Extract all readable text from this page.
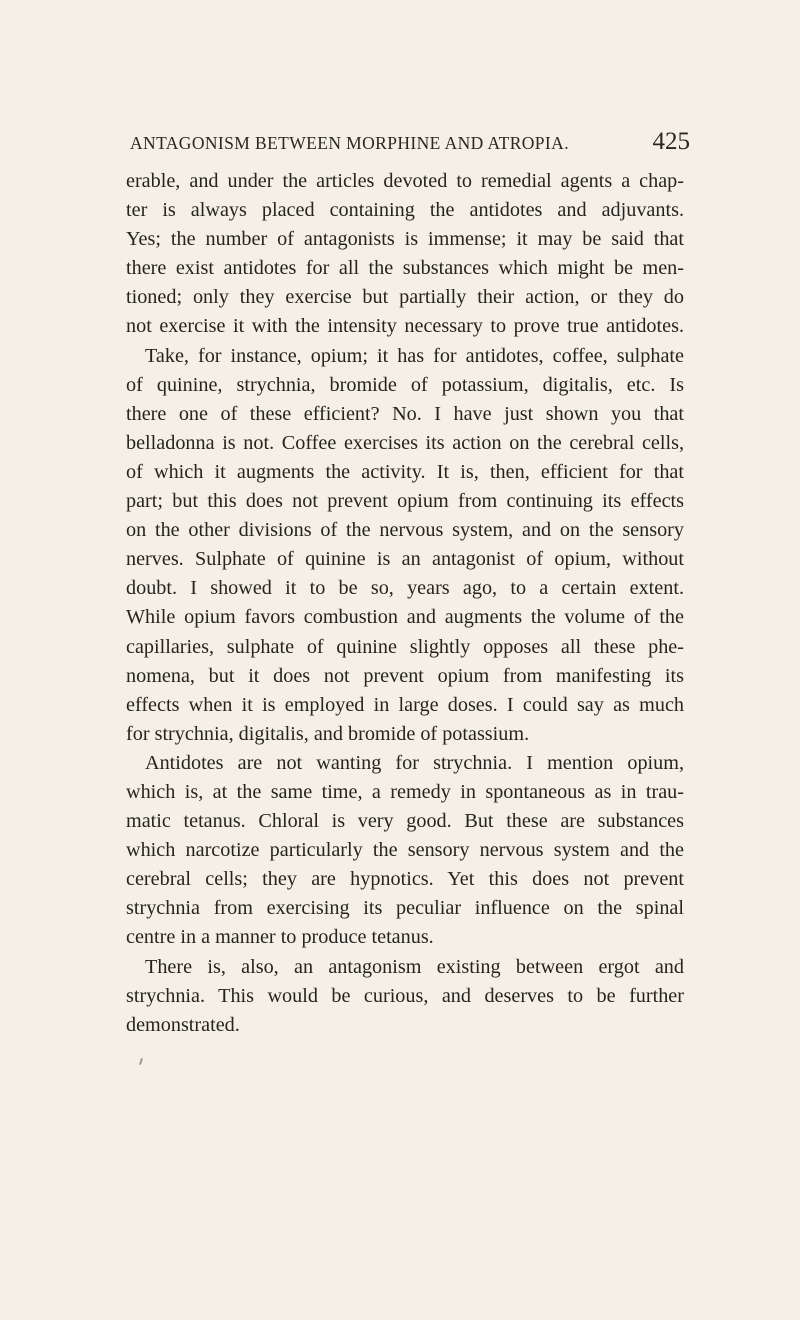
ANTAGONISM BETWEEN MORPHINE AND ATROPIA.	425
erable, and under the articles devoted to remedial agents a chap-
ter is always placed containing the antidotes and adjuvants.
Yes; the number of antagonists is immense; it may be said that
there exist antidotes for all the substances which might be men-
tioned; only they exercise but partially their action, or they do
not exercise it with the intensity necessary to prove true antidotes.
Take, for instance, opium; it has for antidotes, coffee, sulphate
of quinine, strychnia, bromide of potassium, digitalis, etc. Is
there one of these efficient? No. I have just shown you that
belladonna is not. Coffee exercises its action on the cerebral cells,
of which it augments the activity. It is, then, efficient for that
part; but this does not prevent opium from continuing its effects
on the other divisions of the nervous system, and on the sensory
nerves. Sulphate of quinine is an antagonist of opium, without
doubt. I showed it to be so, years ago, to a certain extent.
While opium favors combustion and augments the volume of the
capillaries, sulphate of quinine slightly opposes all these phe-
nomena, but it does not prevent opium from manifesting its
effects when it is employed in large doses. I could say as much
for strychnia, digitalis, and bromide of potassium.
Antidotes are not wanting for strychnia. I mention opium,
which is, at the same time, a remedy in spontaneous as in trau-
matic tetanus. Chloral is very good. But these are substances
which narcotize particularly the sensory nervous system and the
cerebral cells; they are hypnotics. Yet this does not prevent
strychnia from exercising its peculiar influence on the spinal
centre in a manner to produce tetanus.
There is, also, an antagonism existing between ergot and
strychnia. This would be curious, and deserves to be further
demonstrated.
